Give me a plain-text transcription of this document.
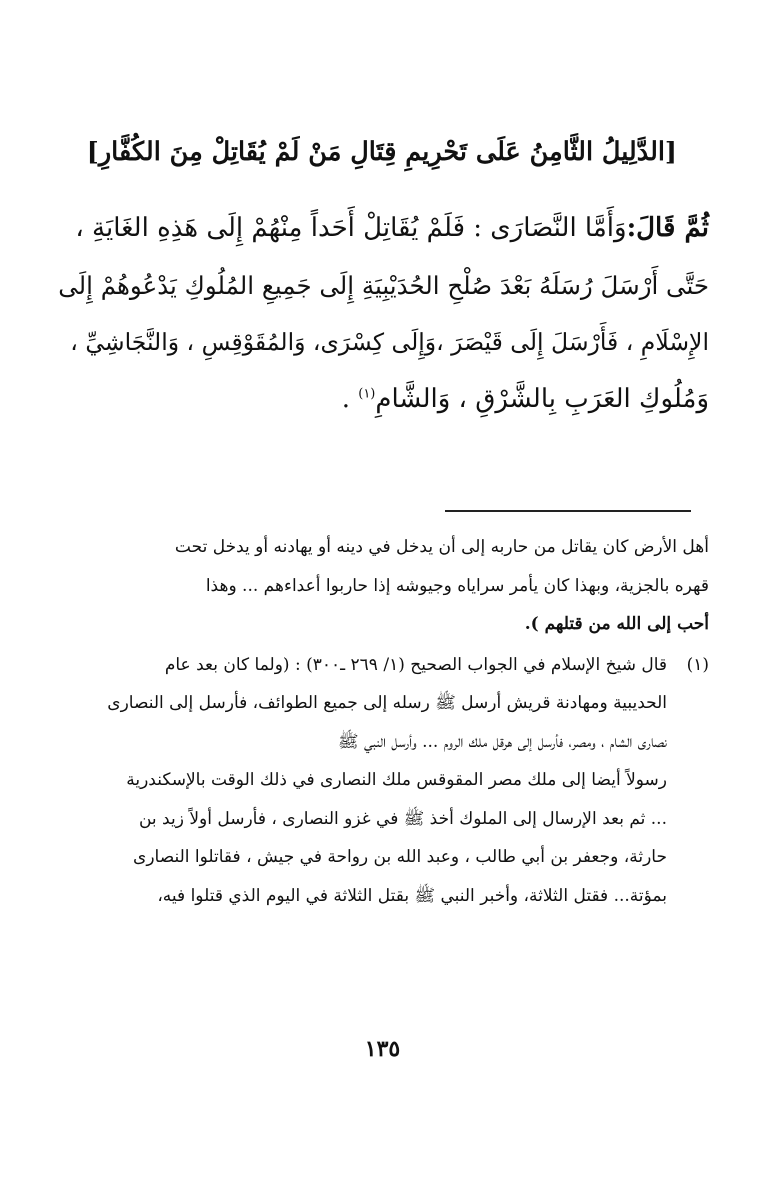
[الدَّلِيلُ الثَّامِنُ عَلَى تَحْرِيمِ قِتَالِ مَنْ لَمْ يُقَاتِلْ مِنَ الكُفَّارِ]
ثُمَّ قَالَ:وَأَمَّا النَّصَارَى : فَلَمْ يُقَاتِلْ أَحَداً مِنْهُمْ إِلَى هَذِهِ الغَايَةِ ،
حَتَّى أَرْسَلَ رُسَلَهُ بَعْدَ صُلْحِ الحُدَيْبِيَةِ إِلَى جَمِيعِ المُلُوكِ يَدْعُوهُمْ إِلَى
الإِسْلَامِ ، فَأَرْسَلَ إِلَى قَيْصَرَ ،وَإِلَى كِسْرَى، وَالمُقَوْقِسِ ، وَالنَّجَاشِيِّ ،
وَمُلُوكِ العَرَبِ بِالشَّرْقِ ، وَالشَّامِ$^{(١)}$ .
أهل الأرض كان يقاتل من حاربه إلى أن يدخل في دينه أو يهادنه أو يدخل تحت
قهره بالجزية، وبهذا كان يأمر سراياه وجيوشه إذا حاربوا أعداءهم ... وهذا
أحب إلى الله من قتلهم ).
(١)
قال شيخ الإسلام في الجواب الصحيح (١/ ٢٦٩ ـ٣٠٠) : (ولما كان بعد عام
الحديبية ومهادنة قريش أرسل ﷺ رسله إلى جميع الطوائف، فأرسل إلى النصارى
نصارى الشام ، ومصر، فأرسل إلى هرقل ملك الروم ... وأرسل النبي ﷺ
رسولاً أيضا إلى ملك مصر المقوقس ملك النصارى في ذلك الوقت بالإسكندرية
... ثم بعد الإرسال إلى الملوك أخذ ﷺ في غزو النصارى ، فأرسل أولاً زيد بن
حارثة، وجعفر بن أبي طالب ، وعبد الله بن رواحة في جيش ، فقاتلوا النصارى
بمؤتة... فقتل الثلاثة، وأخبر النبي ﷺ بقتل الثلاثة في اليوم الذي قتلوا فيه،
١٣٥
